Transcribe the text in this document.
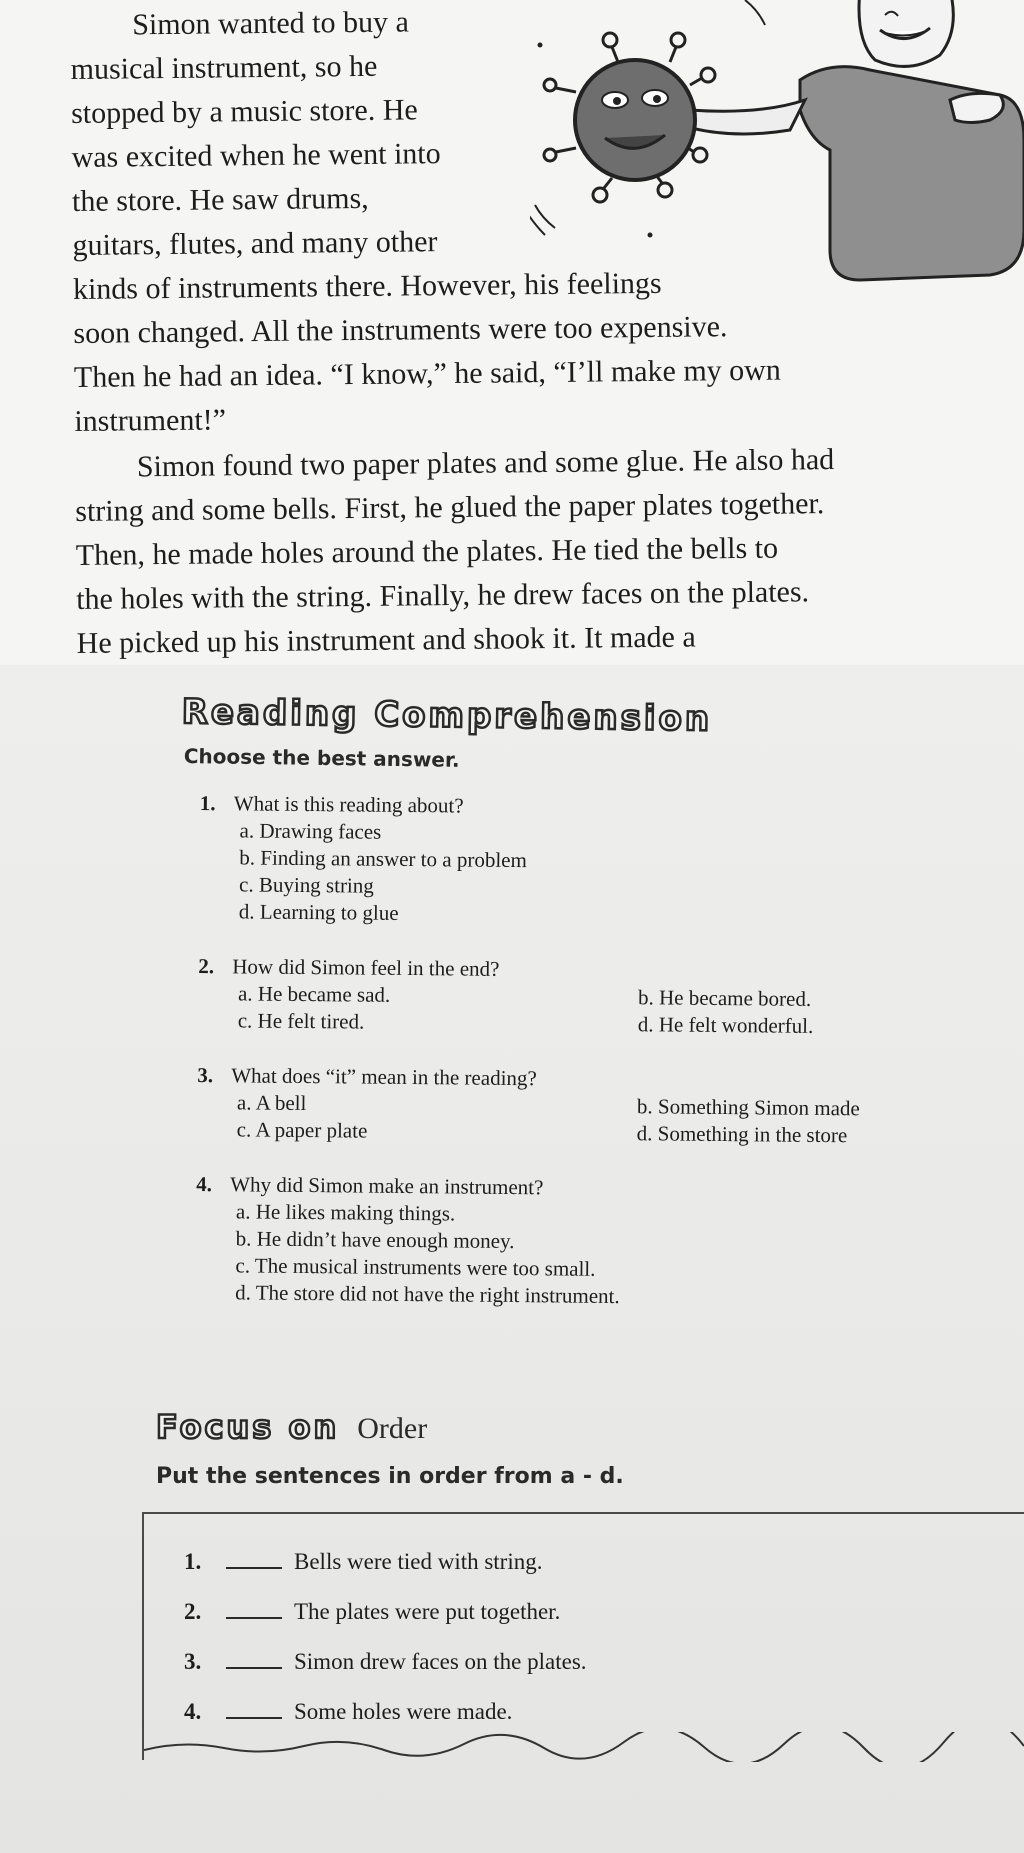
Simon wanted to buy a

musical instrument, so he
stopped by a music store. He
was excited when he went into
the store. He saw drums,
guitars, flutes, and many other
kinds of instruments there. However, his feelings
soon changed. All the instruments were too expensive.
Then he had an idea. “I know,” he said, “I’ll make my own
instrument!”

Simon found two paper plates and some glue. He also had

string and some bells. First, he glued the paper plates together.
Then, he made holes around the plates. He tied the bells to
the holes with the string. Finally, he drew faces on the plates.
He picked up his instrument and shook it. It made a

Reading Comprehension
Choose the best answer.
1. What is this reading about?
a. Drawing faces
b. Finding an answer to a problem
c. Buying string
d. Learning to glue
2. How did Simon feel in the end?
a. He became sad.	b. He became bored.
c. He felt tired.	d. He felt wonderful.
3. What does “it” mean in the reading?
a. A bell	b. Something Simon made
c. A paper plate	d. Something in the store
4. Why did Simon make an instrument?
a. He likes making things.
b. He didn’t have enough money.
c. The musical instruments were too small.
d. The store did not have the right instrument.
Focus on Order
Put the sentences in order from a - d.
1.	Bells were tied with string.
2.	The plates were put together.
3.	Simon drew faces on the plates.
4.	Some holes were made.
